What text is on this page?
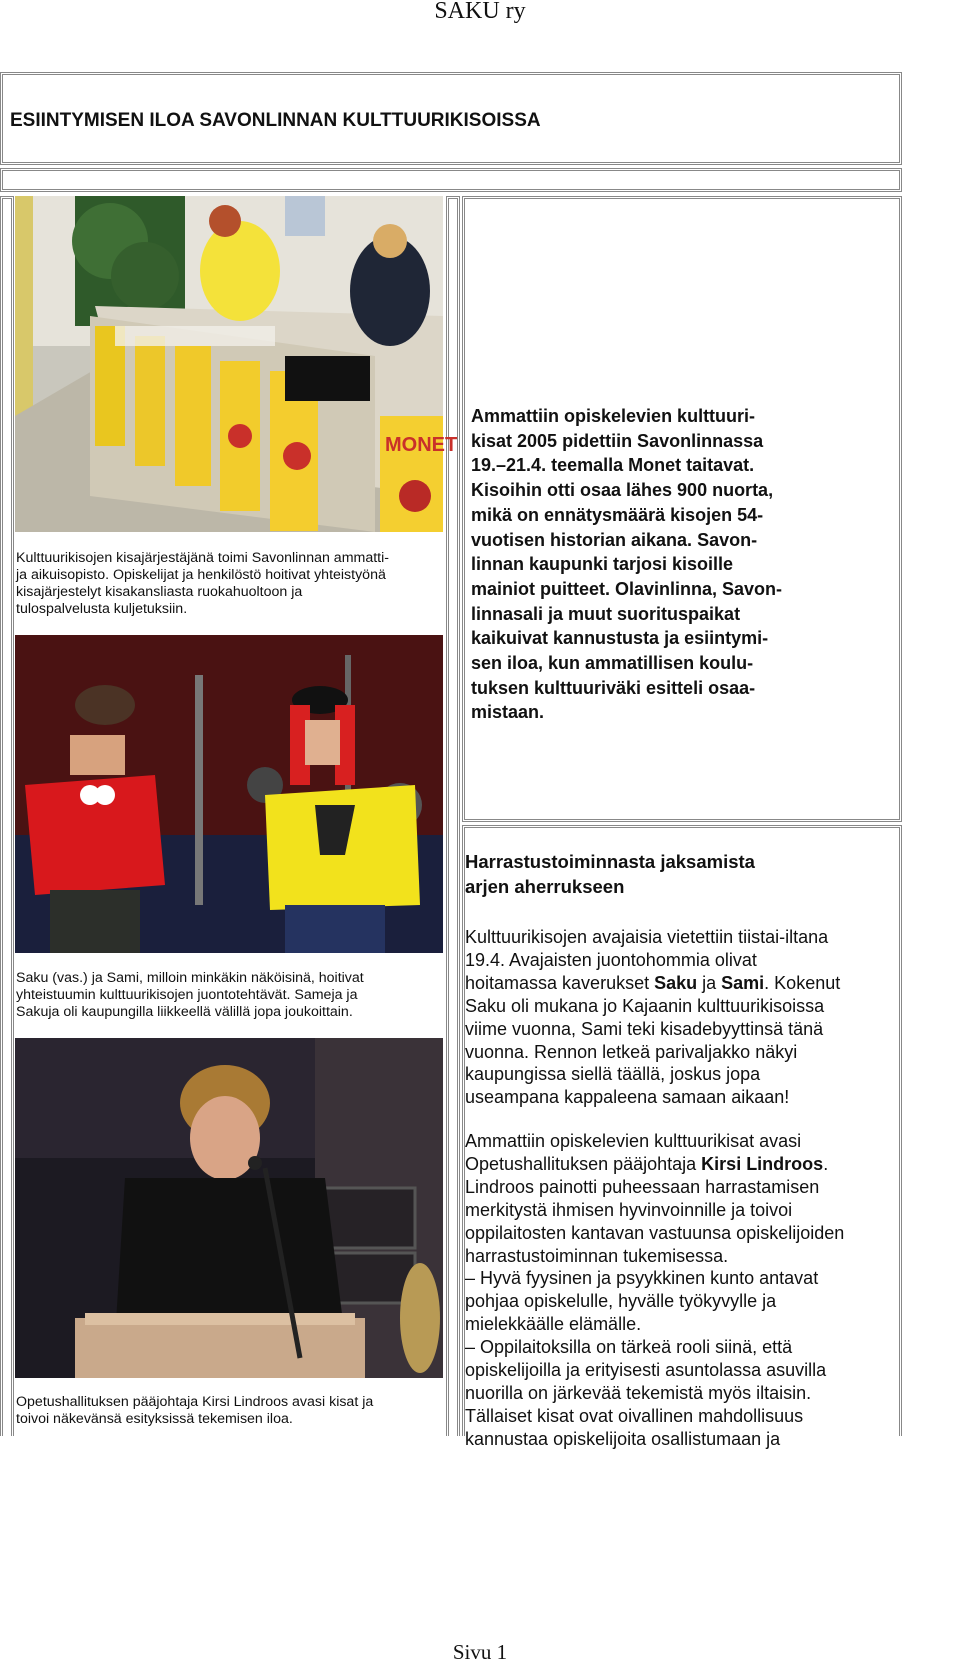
SAKU ry
ESIINTYMISEN ILOA SAVONLINNAN KULTTUURIKISOISSA
MONET
Kulttuurikisojen kisajärjestäjänä toimi Savonlinnan ammatti-
ja aikuisopisto. Opiskelijat ja henkilöstö hoitivat yhteistyönä
kisajärjestelyt kisakansliasta ruokahuoltoon ja
tulospalvelusta kuljetuksiin.
Saku (vas.) ja Sami, milloin minkäkin näköisinä, hoitivat
yhteistuumin kulttuurikisojen juontotehtävät. Sameja ja
Sakuja oli kaupungilla liikkeellä välillä jopa joukoittain.
Opetushallituksen pääjohtaja Kirsi Lindroos avasi kisat ja
toivoi näkevänsä esityksissä tekemisen iloa.
Ammattiin opiskelevien kulttuuri-
kisat 2005 pidettiin Savonlinnassa
19.–21.4. teemalla Monet taitavat.
Kisoihin otti osaa lähes 900 nuorta,
mikä on ennätysmäärä kisojen 54-
vuotisen historian aikana. Savon-
linnan kaupunki tarjosi kisoille
mainiot puitteet. Olavinlinna, Savon-
linnasali ja muut suorituspaikat
kaikuivat kannustusta ja esiintymi-
sen iloa, kun ammatillisen koulu-
tuksen kulttuuriväki esitteli osaa-
mistaan.
Harrastustoiminnasta jaksamista
arjen aherrukseen
Kulttuurikisojen avajaisia vietettiin tiistai-iltana
19.4. Avajaisten juontohommia olivat
hoitamassa kaverukset Saku ja Sami. Kokenut
Saku oli mukana jo Kajaanin kulttuurikisoissa
viime vuonna, Sami teki kisadebyyttinsä tänä
vuonna. Rennon letkeä parivaljakko näkyi
kaupungissa siellä täällä, joskus jopa
useampana kappaleena samaan aikaan!
Ammattiin opiskelevien kulttuurikisat avasi
Opetushallituksen pääjohtaja Kirsi Lindroos.
Lindroos painotti puheessaan harrastamisen
merkitystä ihmisen hyvinvoinnille ja toivoi
oppilaitosten kantavan vastuunsa opiskelijoiden
harrastustoiminnan tukemisessa.
– Hyvä fyysinen ja psyykkinen kunto antavat
pohjaa opiskelulle, hyvälle työkyvylle ja
mielekkäälle elämälle.
– Oppilaitoksilla on tärkeä rooli siinä, että
opiskelijoilla ja erityisesti asuntolassa asuvilla
nuorilla on järkevää tekemistä myös iltaisin.
Tällaiset kisat ovat oivallinen mahdollisuus
kannustaa opiskelijoita osallistumaan ja
Sivu 1
